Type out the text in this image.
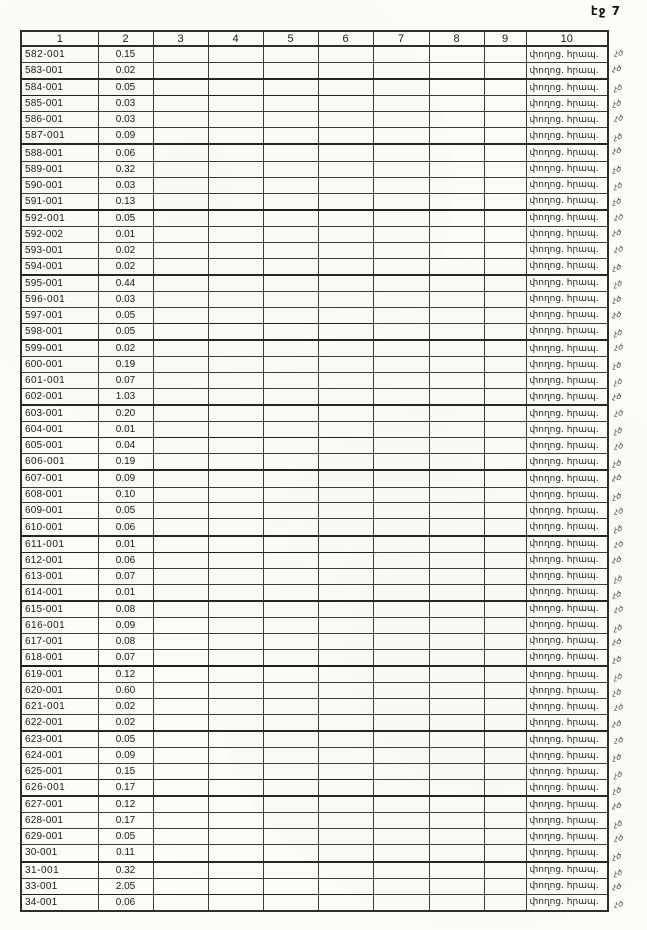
էջ 7
1	2	3	4	5	6	7	8	9	10
582-001	0.15								փողոց. հրապ.
583-001	0.02								փողոց. հրապ.
584-001	0.05								փողոց. հրապ.
585-001	0.03								փողոց. հրապ.
586-001	0.03								փողոց. հրապ.
587-001	0.09								փողոց. հրապ.
588-001	0.06								փողոց. հրապ.
589-001	0.32								փողոց. հրապ.
590-001	0.03								փողոց. հրապ.
591-001	0.13								փողոց. հրապ.
592-001	0.05								փողոց. հրապ.
592-002	0.01								փողոց. հրապ.
593-001	0.02								փողոց. հրապ.
594-001	0.02								փողոց. հրապ.
595-001	0.44								փողոց. հրապ.
596-001	0.03								փողոց. հրապ.
597-001	0.05								փողոց. հրապ.
598-001	0.05								փողոց. հրապ.
599-001	0.02								փողոց. հրապ.
600-001	0.19								փողոց. հրապ.
601-001	0.07								փողոց. հրապ.
602-001	1.03								փողոց. հրապ.
603-001	0.20								փողոց. հրապ.
604-001	0.01								փողոց. հրապ.
605-001	0.04								փողոց. հրապ.
606-001	0.19								փողոց. հրապ.
607-001	0.09								փողոց. հրապ.
608-001	0.10								փողոց. հրապ.
609-001	0.05								փողոց. հրապ.
610-001	0.06								փողոց. հրապ.
611-001	0.01								փողոց. հրապ.
612-001	0.06								փողոց. հրապ.
613-001	0.07								փողոց. հրապ.
614-001	0.01								փողոց. հրապ.
615-001	0.08								փողոց. հրապ.
616-001	0.09								փողոց. հրապ.
617-001	0.08								փողոց. հրապ.
618-001	0.07								փողոց. հրապ.
619-001	0.12								փողոց. հրապ.
620-001	0.60								փողոց. հրապ.
621-001	0.02								փողոց. հրապ.
622-001	0.02								փողոց. հրապ.
623-001	0.05								փողոց. հրապ.
624-001	0.09								փողոց. հրապ.
625-001	0.15								փողոց. հրապ.
626-001	0.17								փողոց. հրապ.
627-001	0.12								փողոց. հրապ.
628-001	0.17								փողոց. հրապ.
629-001	0.05								փողոց. հրապ.
30-001	0.11								փողոց. հրապ.
31-001	0.32								փողոց. հրապ.
33-001	2.05								փողոց. հրապ.
34-001	0.06								փողոց. հրապ.
չծ
չծ
չծ
չծ
չծ
չծ
չծ
չծ
չծ
չծ
չծ
չծ
չծ
չծ
չծ
չծ
չծ
չծ
չծ
չծ
չծ
չծ
չծ
չծ
չծ
չծ
չծ
չծ
չծ
չծ
չծ
չծ
չծ
չծ
չծ
չծ
չծ
չծ
չծ
չծ
չծ
չծ
չծ
չծ
չծ
չծ
չծ
չծ
չծ
չծ
չծ
չծ
չծ
